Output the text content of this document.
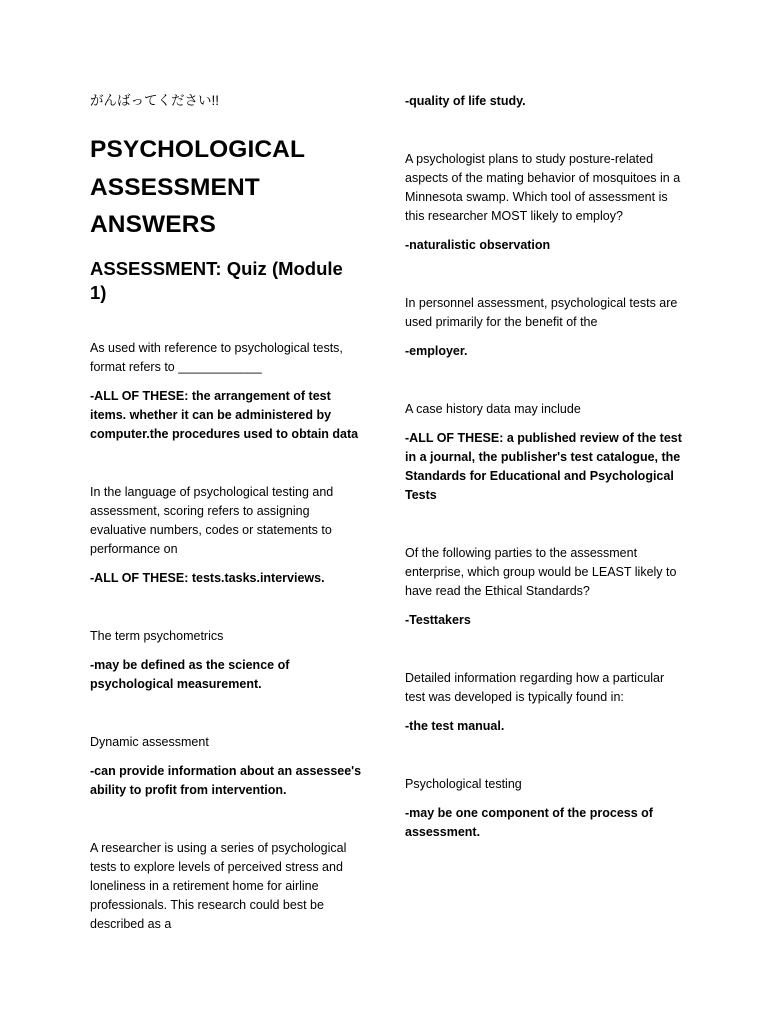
がんばってください!!

PSYCHOLOGICAL
ASSESSMENT
ANSWERS
ASSESSMENT: Quiz (Module 1)

As used with reference to psychological tests, format refers to ____________

-ALL OF THESE: the arrangement of test items. whether it can be administered by computer.the procedures used to obtain data

In the language of psychological testing and assessment, scoring refers to assigning evaluative numbers, codes or statements to performance on

-ALL OF THESE: tests.tasks.interviews.

The term psychometrics

-may be defined as the science of psychological measurement.

Dynamic assessment

-can provide information about an assessee's ability to profit from intervention.

A researcher is using a series of psychological tests to explore levels of perceived stress and loneliness in a retirement home for airline professionals. This research could best be described as a

-quality of life study.

A psychologist plans to study posture-related aspects of the mating behavior of mosquitoes in a Minnesota swamp. Which tool of assessment is this researcher MOST likely to employ?

-naturalistic observation

In personnel assessment, psychological tests are used primarily for the benefit of the

-employer.

A case history data may include

-ALL OF THESE: a published review of the test in a journal, the publisher's test catalogue, the Standards for Educational and Psychological Tests

Of the following parties to the assessment enterprise, which group would be LEAST likely to have read the Ethical Standards?

-Testtakers

Detailed information regarding how a particular test was developed is typically found in:

-the test manual.

Psychological testing

-may be one component of the process of assessment.
